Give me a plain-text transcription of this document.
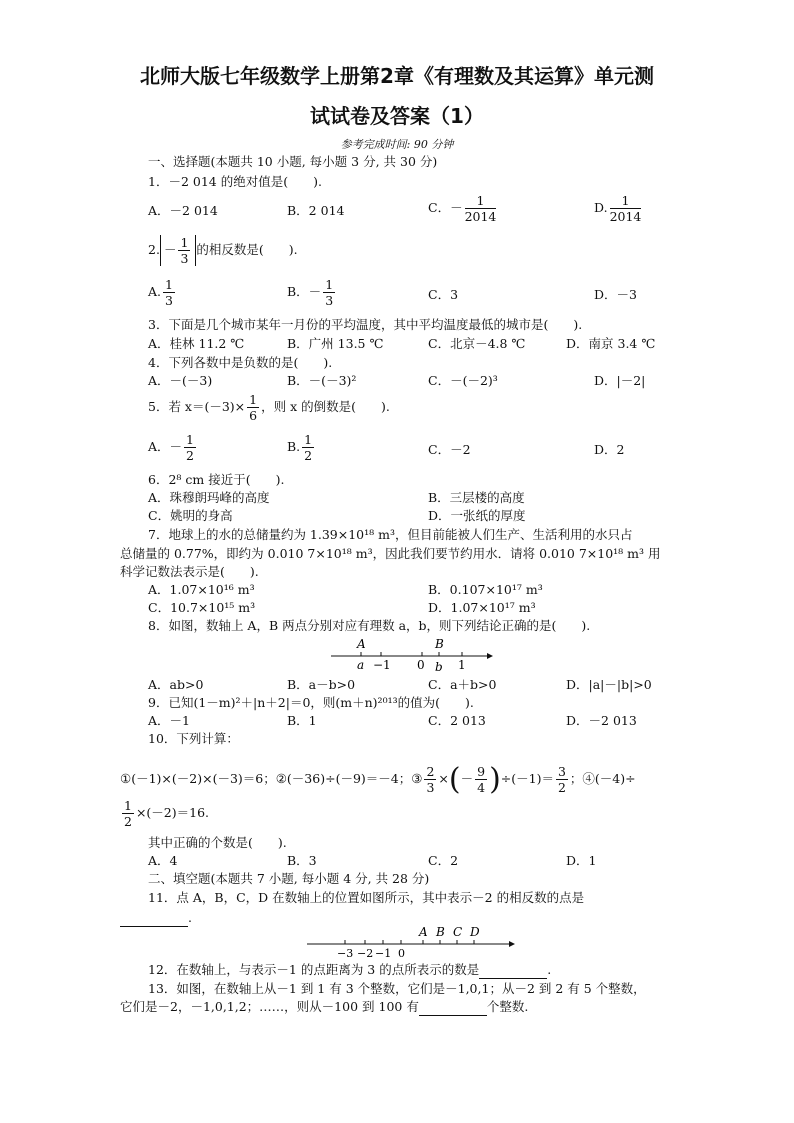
北师大版七年级数学上册第2章《有理数及其运算》单元测
试试卷及答案（1）
参考完成时间: 90 分钟
一、选择题(本题共 10 小题, 每小题 3 分, 共 30 分)
1．－2 014 的绝对值是(　　).
A．－2 014	B．2 014	C．－ $\frac{1}{2014}$	D. $\frac{1}{2014}$
2. － $\frac{1}{3}$ 的相反数是(　　).
A. $\frac{1}{3}$	B．－ $\frac{1}{3}$	C．3	D．－3
3．下面是几个城市某年一月份的平均温度，其中平均温度最低的城市是(　　).
A．桂林 11.2 ℃	B．广州 13.5 ℃	C．北京－4.8 ℃	D．南京 3.4 ℃
4．下列各数中是负数的是(　　).
A．－(－3)	B．－(－3)²	C．－(－2)³	D．|－2|
5．若 $x=(-3)\times \frac{1}{6}$ ，则 x 的倒数是(　　).
A．－ $\frac{1}{2}$	B. $\frac{1}{2}$	C．－2	D．2
6．2⁸ cm 接近于(　　).
A．珠穆朗玛峰的高度	B．三层楼的高度
C．姚明的身高	D．一张纸的厚度
7．地球上的水的总储量约为 1.39×10¹⁸ m³，但目前能被人们生产、生活利用的水只占
总储量的 0.77%，即约为 0.010 7×10¹⁸ m³，因此我们要节约用水．请将 0.010 7×10¹⁸ m³ 用
科学记数法表示是(　　).
A．1.07×10¹⁶ m³	B．0.107×10¹⁷ m³
C．10.7×10¹⁵ m³	D．1.07×10¹⁷ m³
8．如图，数轴上 A，B 两点分别对应有理数 a，b，则下列结论正确的是(　　).
A	B
a −1 0 b 1
A．ab>0	B．a－b>0	C．a＋b>0	D．|a|－|b|>0
9．已知(1－m)²＋|n＋2|＝0，则(m＋n)²⁰¹³的值为(　　).
A．－1	B．1	C．2 013	D．－2 013
10．下列计算：
①(－1)×(－2)×(－3)＝6；②(－36)÷(－9)＝－4；③ $\frac{2}{3}$ ×(－ $\frac{9}{4} )\div(-1)= \frac{3}{2}$ ；④(－4)÷
$\frac{1}{2} \times(-2)=16$.
其中正确的个数是(　　).
A．4	B．3	C．2	D．1
二、填空题(本题共 7 小题, 每小题 4 分, 共 28 分)
11．点 A，B，C，D 在数轴上的位置如图所示，其中表示－2 的相反数的点是
.
A B C D
−3 −2 −1 0
12．在数轴上，与表示－1 的点距离为 3 的点所表示的数是	.
13．如图，在数轴上从－1 到 1 有 3 个整数，它们是－1,0,1；从－2 到 2 有 5 个整数，
它们是－2，－1,0,1,2；……，则从－100 到 100 有	个整数.
